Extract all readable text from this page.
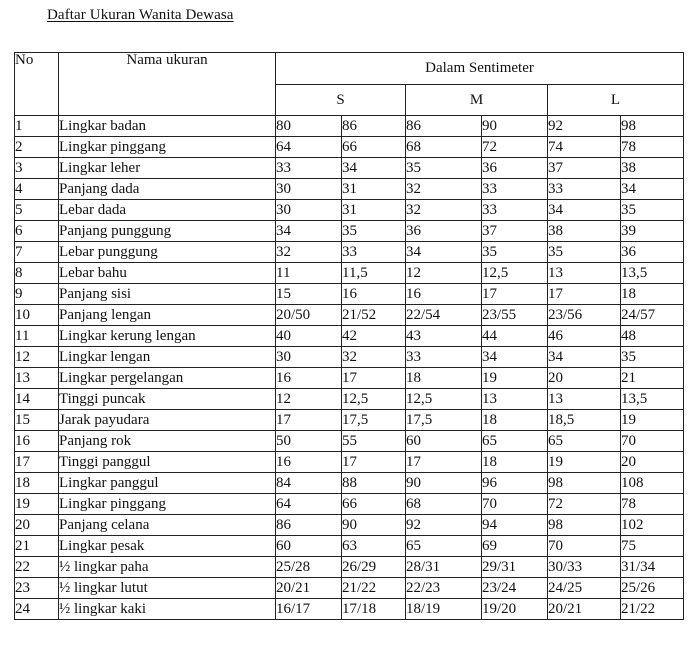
Daftar Ukuran Wanita Dewasa
No	Nama ukuran	Dalam Sentimeter					
		S		M		L	
1	Lingkar badan	80	86	86	90	92	98
2	Lingkar pinggang	64	66	68	72	74	78
3	Lingkar leher	33	34	35	36	37	38
4	Panjang dada	30	31	32	33	33	34
5	Lebar dada	30	31	32	33	34	35
6	Panjang punggung	34	35	36	37	38	39
7	Lebar punggung	32	33	34	35	35	36
8	Lebar bahu	11	11,5	12	12,5	13	13,5
9	Panjang sisi	15	16	16	17	17	18
10	Panjang lengan	20/50	21/52	22/54	23/55	23/56	24/57
11	Lingkar kerung lengan	40	42	43	44	46	48
12	Lingkar lengan	30	32	33	34	34	35
13	Lingkar pergelangan	16	17	18	19	20	21
14	Tinggi puncak	12	12,5	12,5	13	13	13,5
15	Jarak payudara	17	17,5	17,5	18	18,5	19
16	Panjang rok	50	55	60	65	65	70
17	Tinggi panggul	16	17	17	18	19	20
18	Lingkar panggul	84	88	90	96	98	108
19	Lingkar pinggang	64	66	68	70	72	78
20	Panjang celana	86	90	92	94	98	102
21	Lingkar pesak	60	63	65	69	70	75
22	½ lingkar paha	25/28	26/29	28/31	29/31	30/33	31/34
23	½ lingkar lutut	20/21	21/22	22/23	23/24	24/25	25/26
24	½ lingkar kaki	16/17	17/18	18/19	19/20	20/21	21/22
